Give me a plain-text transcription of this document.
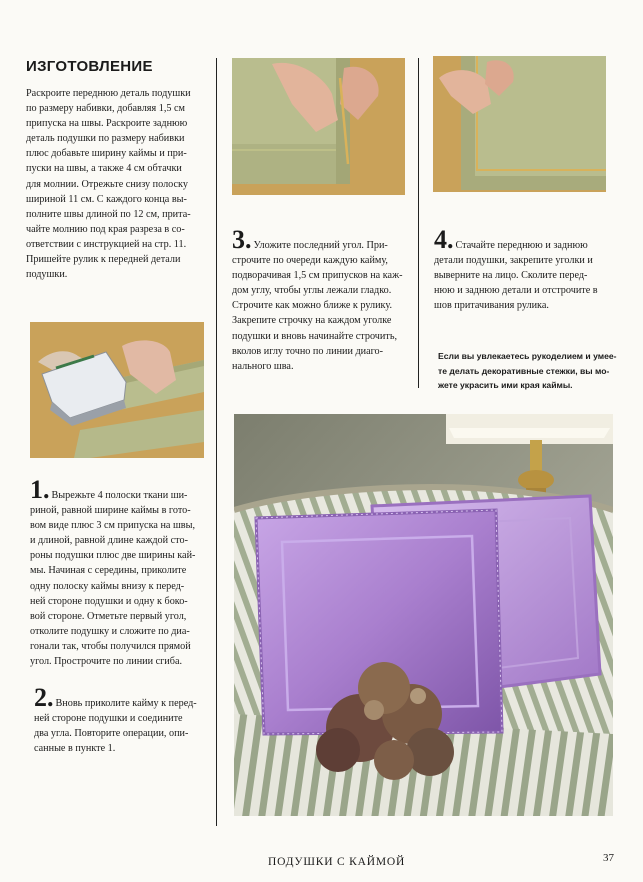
ИЗГОТОВЛЕНИЕ
Раскроите переднюю деталь подушки
по размеру набивки, добавляя 1,5 см
припуска на швы. Раскроите заднюю
деталь подушки по размеру набивки
плюс добавьте ширину каймы и при-
пуски на швы, а также 4 см обтачки
для молнии. Отрежьте снизу полоску
шириной 11 см. С каждого конца вы-
полните швы длиной по 12 см, прита-
чайте молнию под края разреза в со-
ответствии с инструкцией на стр. 11.
Пришейте рулик к передней детали
подушки.
3. Уложите последний угол. При-
строчите по очереди каждую кайму,
подворачивая 1,5 см припусков на каж-
дом углу, чтобы углы лежали гладко.
Строчите как можно ближе к рулику.
Закрепите строчку на каждом уголке
подушки и вновь начинайте строчить,
вколов иглу точно по линии диаго-
нального шва.
4. Стачайте переднюю и заднюю
детали подушки, закрепите уголки и
выверните на лицо. Сколите перед-
нюю и заднюю детали и отстрочите в
шов притачивания рулика.
Если вы увлекаетесь рукоделием и умее-
те делать декоративные стежки, вы мо-
жете украсить ими края каймы.
1. Вырежьте 4 полоски ткани ши-
риной, равной ширине каймы в гото-
вом виде плюс 3 см припуска на швы,
и длиной, равной длине каждой сто-
роны подушки плюс две ширины кай-
мы. Начиная с середины, приколите
одну полоску каймы внизу к перед-
ней стороне подушки и одну к боко-
вой стороне. Отметьте первый угол,
отколите подушку и сложите по диа-
гонали так, чтобы получился прямой
угол. Прострочите по линии сгиба.
2. Вновь приколите кайму к перед-
ней стороне подушки и соедините
два угла. Повторите операции, опи-
санные в пункте 1.
ПОДУШКИ С КАЙМОЙ	37
